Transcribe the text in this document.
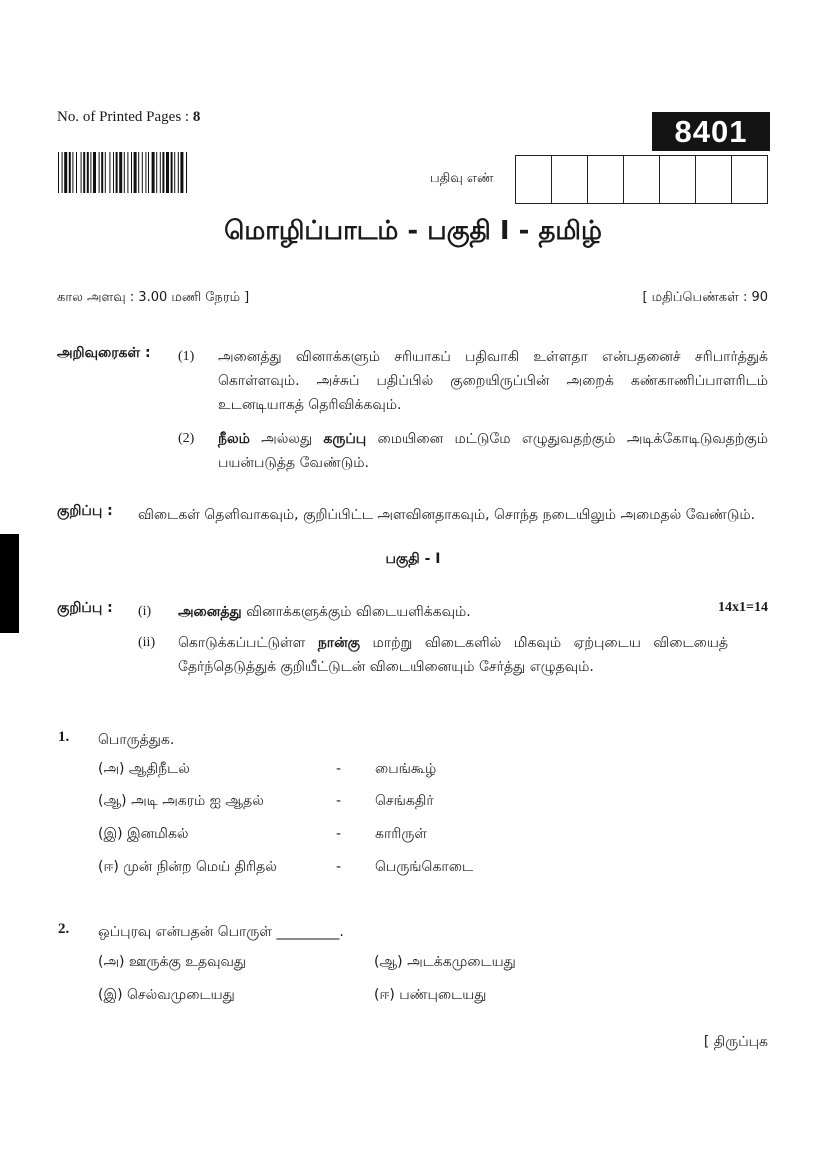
No. of Printed Pages : 8	8401
பதிவு எண்
மொழிப்பாடம் - பகுதி I - தமிழ்
கால அளவு : 3.00 மணி நேரம் ]	[ மதிப்பெண்கள் : 90
அறிவுரைகள் : (1) அனைத்து வினாக்களும் சரியாகப் பதிவாகி உள்ளதா என்பதனைச் சரிபார்த்துக் கொள்ளவும். அச்சுப் பதிப்பில் குறையிருப்பின் அறைக் கண்காணிப்பாளரிடம் உடனடியாகத் தெரிவிக்கவும்.
(2) நீலம் அல்லது கருப்பு மையினை மட்டுமே எழுதுவதற்கும் அடிக்கோடிடுவதற்கும் பயன்படுத்த வேண்டும்.
குறிப்பு : விடைகள் தெளிவாகவும், குறிப்பிட்ட அளவினதாகவும், சொந்த நடையிலும் அமைதல் வேண்டும்.
பகுதி - I
குறிப்பு : (i) அனைத்து வினாக்களுக்கும் விடையளிக்கவும்.	14x1=14
(ii) கொடுக்கப்பட்டுள்ள நான்கு மாற்று விடைகளில் மிகவும் ஏற்புடைய விடையைத் தேர்ந்தெடுத்துக் குறியீட்டுடன் விடையினையும் சேர்த்து எழுதவும்.
1. பொருத்துக.
(அ) ஆதிநீடல்	- பைங்கூழ்
(ஆ) அடி அகரம் ஐ ஆதல்	- செங்கதிர்
(இ) இனமிகல்	- காரிருள்
(ஈ) முன் நின்ற மெய் திரிதல்	- பெருங்கொடை
2. ஒப்புரவு என்பதன் பொருள் _________.
(அ) ஊருக்கு உதவுவது	(ஆ) அடக்கமுடையது
(இ) செல்வமுடையது	(ஈ) பண்புடையது
[ திருப்புக
